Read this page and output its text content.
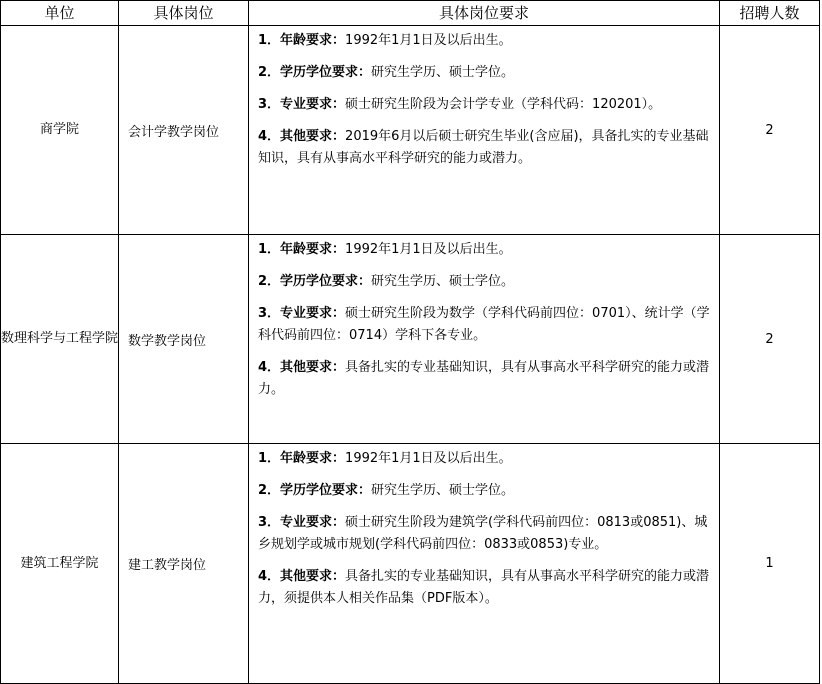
单位	具体岗位	具体岗位要求	招聘人数

商学院	会计学教学岗位	1．年龄要求：1992年1月1日及以后出生。

2．学历学位要求：研究生学历、硕士学位。

3．专业要求：硕士研究生阶段为会计学专业（学科代码：120201）。

4．其他要求：2019年6月以后硕士研究生毕业(含应届)，具备扎实的专业基础知识，具有从事高水平科学研究的能力或潜力。	2

数理科学与工程学院	数学教学岗位	1．年龄要求：1992年1月1日及以后出生。

2．学历学位要求：研究生学历、硕士学位。

3．专业要求：硕士研究生阶段为数学（学科代码前四位：0701）、统计学（学科代码前四位：0714）学科下各专业。

4．其他要求：具备扎实的专业基础知识，具有从事高水平科学研究的能力或潜力。	2

建筑工程学院	建工教学岗位	1．年龄要求：1992年1月1日及以后出生。

2．学历学位要求：研究生学历、硕士学位。

3．专业要求：硕士研究生阶段为建筑学(学科代码前四位：0813或0851)、城乡规划学或城市规划(学科代码前四位：0833或0853)专业。

4．其他要求：具备扎实的专业基础知识，具有从事高水平科学研究的能力或潜力，须提供本人相关作品集（PDF版本）。	1
